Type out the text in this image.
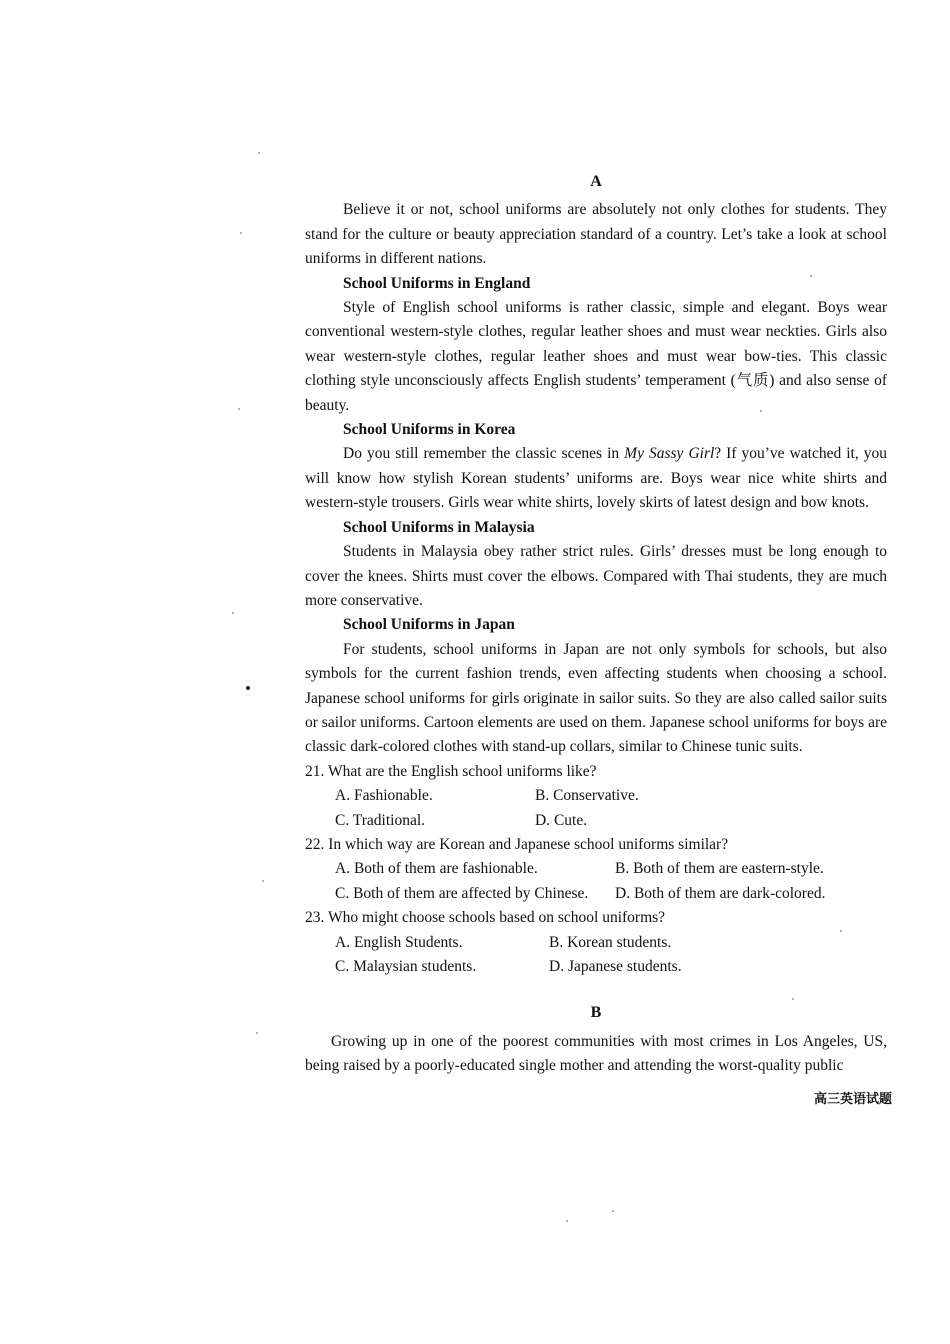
A

Believe it or not, school uniforms are absolutely not only clothes for students. They stand for the culture or beauty appreciation standard of a country. Let’s take a look at school uniforms in different nations.

School Uniforms in England

Style of English school uniforms is rather classic, simple and elegant. Boys wear conventional western-style clothes, regular leather shoes and must wear neckties. Girls also wear western-style clothes, regular leather shoes and must wear bow-ties. This classic clothing style unconsciously affects English students’ temperament (气质) and also sense of beauty.

School Uniforms in Korea

Do you still remember the classic scenes in My Sassy Girl? If you’ve watched it, you will know how stylish Korean students’ uniforms are. Boys wear nice white shirts and western-style trousers. Girls wear white shirts, lovely skirts of latest design and bow knots.

School Uniforms in Malaysia

Students in Malaysia obey rather strict rules. Girls’ dresses must be long enough to cover the knees. Shirts must cover the elbows. Compared with Thai students, they are much more conservative.

School Uniforms in Japan

For students, school uniforms in Japan are not only symbols for schools, but also symbols for the current fashion trends, even affecting students when choosing a school. Japanese school uniforms for girls originate in sailor suits. So they are also called sailor suits or sailor uniforms. Cartoon elements are used on them. Japanese school uniforms for boys are classic dark-colored clothes with stand-up collars, similar to Chinese tunic suits.

21. What are the English school uniforms like?
A. Fashionable.	B. Conservative.
C. Traditional.	D. Cute.
22. In which way are Korean and Japanese school uniforms similar?
A. Both of them are fashionable.	B. Both of them are eastern-style.
C. Both of them are affected by Chinese.	D. Both of them are dark-colored.
23. Who might choose schools based on school uniforms?
A. English Students.	B. Korean students.
C. Malaysian students.	D. Japanese students.
B

Growing up in one of the poorest communities with most crimes in Los Angeles, US, being raised by a poorly-educated single mother and attending the worst-quality public

高三英语试题
